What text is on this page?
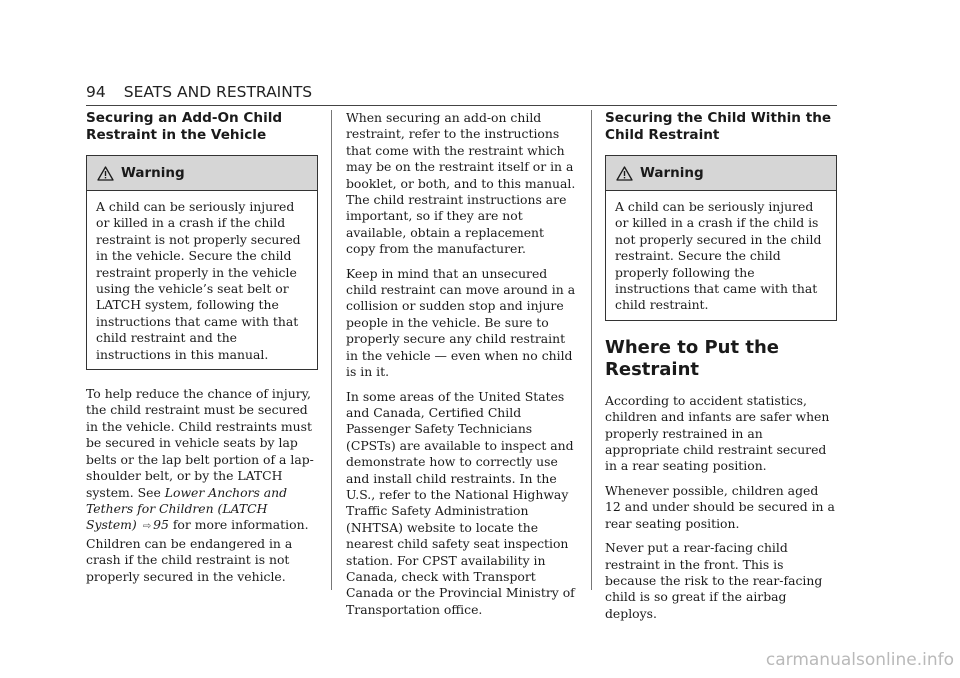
94 SEATS AND RESTRAINTS
Securing an Add-On Child Restraint in the Vehicle
Warning

A child can be seriously injured or killed in a crash if the child restraint is not properly secured in the vehicle. Secure the child restraint properly in the vehicle using the vehicle’s seat belt or LATCH system, following the instructions that came with that child restraint and the instructions in this manual.

To help reduce the chance of injury, the child restraint must be secured in the vehicle. Child restraints must be secured in vehicle seats by lap belts or the lap belt portion of a lap-shoulder belt, or by the LATCH system. See Lower Anchors and Tethers for Children (LATCH System) ⇨ 95 for more information. Children can be endangered in a crash if the child restraint is not properly secured in the vehicle.

When securing an add-on child restraint, refer to the instructions that come with the restraint which may be on the restraint itself or in a booklet, or both, and to this manual. The child restraint instructions are important, so if they are not available, obtain a replacement copy from the manufacturer.

Keep in mind that an unsecured child restraint can move around in a collision or sudden stop and injure people in the vehicle. Be sure to properly secure any child restraint in the vehicle — even when no child is in it.

In some areas of the United States and Canada, Certified Child Passenger Safety Technicians (CPSTs) are available to inspect and demonstrate how to correctly use and install child restraints. In the U.S., refer to the National Highway Traffic Safety Administration (NHTSA) website to locate the nearest child safety seat inspection station. For CPST availability in Canada, check with Transport Canada or the Provincial Ministry of Transportation office.

Securing the Child Within the Child Restraint
Warning

A child can be seriously injured or killed in a crash if the child is not properly secured in the child restraint. Secure the child properly following the instructions that came with that child restraint.

Where to Put the Restraint

According to accident statistics, children and infants are safer when properly restrained in an appropriate child restraint secured in a rear seating position.

Whenever possible, children aged 12 and under should be secured in a rear seating position.

Never put a rear-facing child restraint in the front. This is because the risk to the rear-facing child is so great if the airbag deploys.

carmanualsonline.info
